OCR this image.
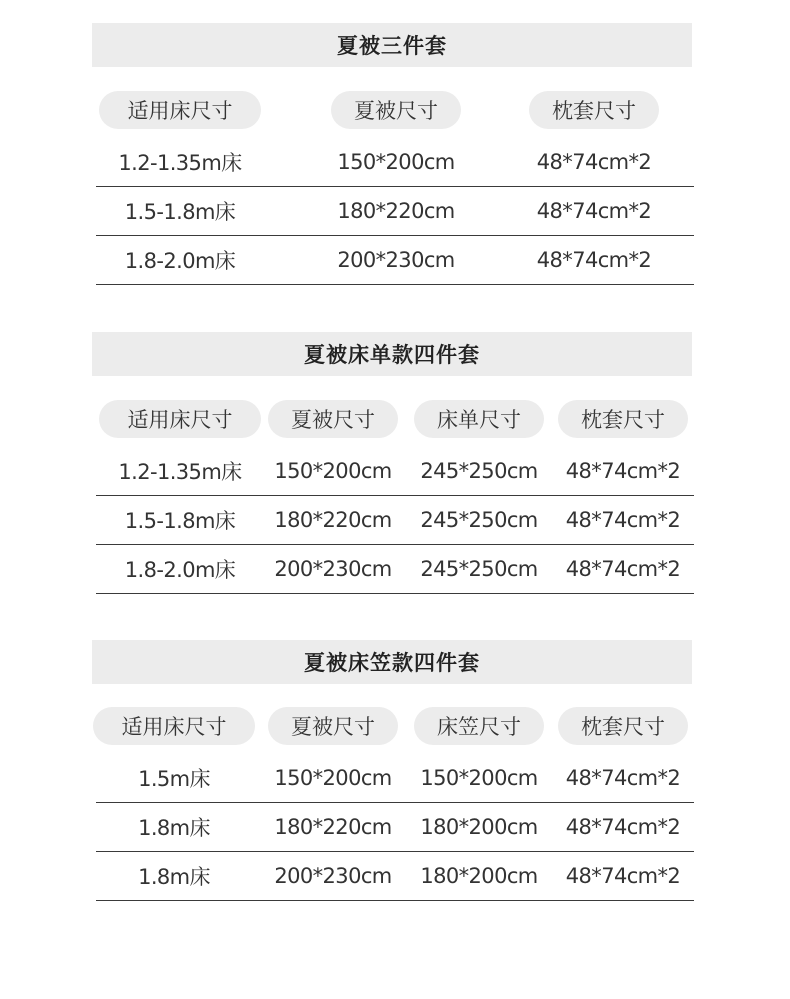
夏被三件套
适用床尺寸	夏被尺寸	枕套尺寸
1.2-1.35m床	150*200cm	48*74cm*2
1.5-1.8m床	180*220cm	48*74cm*2
1.8-2.0m床	200*230cm	48*74cm*2
夏被床单款四件套
适用床尺寸	夏被尺寸	床单尺寸	枕套尺寸
1.2-1.35m床	150*200cm	245*250cm	48*74cm*2
1.5-1.8m床	180*220cm	245*250cm	48*74cm*2
1.8-2.0m床	200*230cm	245*250cm	48*74cm*2
夏被床笠款四件套
适用床尺寸	夏被尺寸	床笠尺寸	枕套尺寸
1.5m床	150*200cm	150*200cm	48*74cm*2
1.8m床	180*220cm	180*200cm	48*74cm*2
1.8m床	200*230cm	180*200cm	48*74cm*2
